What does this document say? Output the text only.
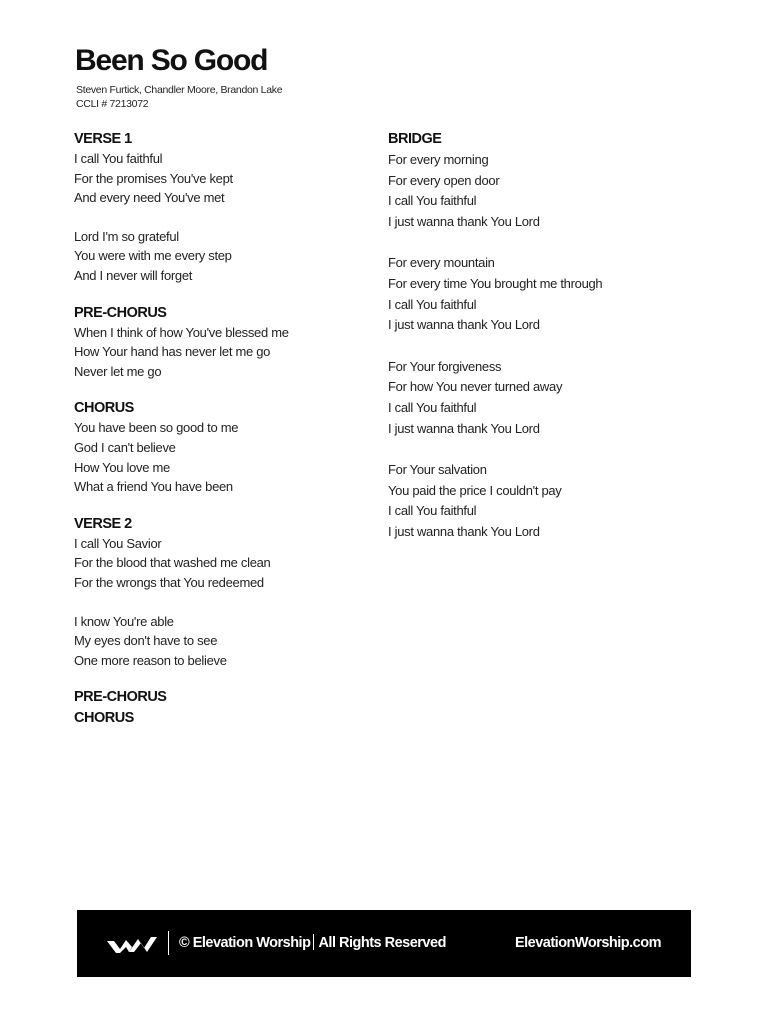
Been So Good
Steven Furtick, Chandler Moore, Brandon Lake
CCLI # 7213072
VERSE 1
I call You faithful
For the promises You've kept
And every need You've met
Lord I'm so grateful
You were with me every step
And I never will forget
PRE-CHORUS
When I think of how You've blessed me
How Your hand has never let me go
Never let me go
CHORUS
You have been so good to me
God I can't believe
How You love me
What a friend You have been
VERSE 2
I call You Savior
For the blood that washed me clean
For the wrongs that You redeemed
I know You're able
My eyes don't have to see
One more reason to believe
PRE-CHORUS
CHORUS
BRIDGE
For every morning
For every open door
I call You faithful
I just wanna thank You Lord
For every mountain
For every time You brought me through
I call You faithful
I just wanna thank You Lord
For Your forgiveness
For how You never turned away
I call You faithful
I just wanna thank You Lord
For Your salvation
You paid the price I couldn't pay
I call You faithful
I just wanna thank You Lord
© Elevation Worship All Rights Reserved	ElevationWorship.com
